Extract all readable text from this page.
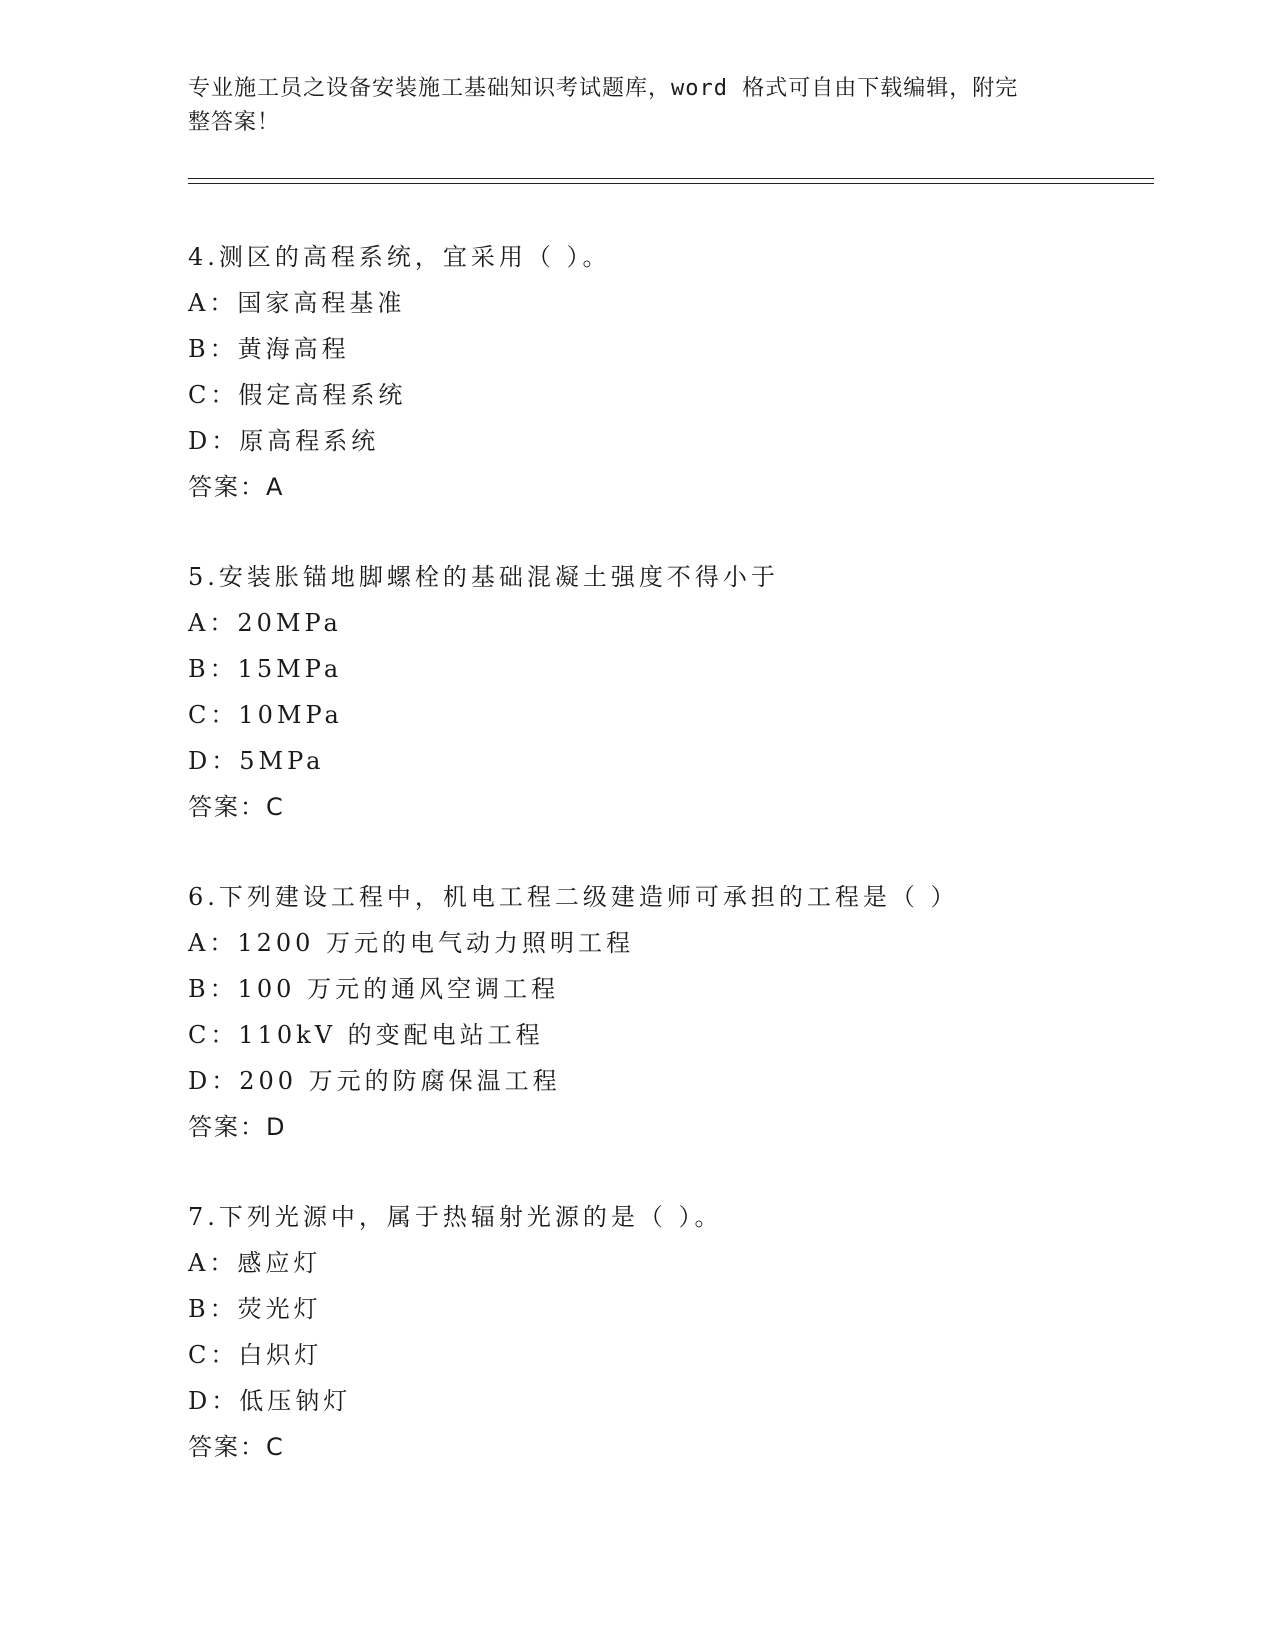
专业施工员之设备安装施工基础知识考试题库，word 格式可自由下载编辑，附完
整答案！
4.测区的高程系统，宜采用（ ）。
A：国家高程基准
B：黄海高程
C：假定高程系统
D：原高程系统
答案：A
5.安装胀锚地脚螺栓的基础混凝土强度不得小于
A：20MPa
B：15MPa
C：10MPa
D：5MPa
答案：C
6.下列建设工程中，机电工程二级建造师可承担的工程是（ ）
A：1200 万元的电气动力照明工程
B：100 万元的通风空调工程
C：110kV 的变配电站工程
D：200 万元的防腐保温工程
答案：D
7.下列光源中，属于热辐射光源的是（ ）。
A：感应灯
B：荧光灯
C：白炽灯
D：低压钠灯
答案：C
